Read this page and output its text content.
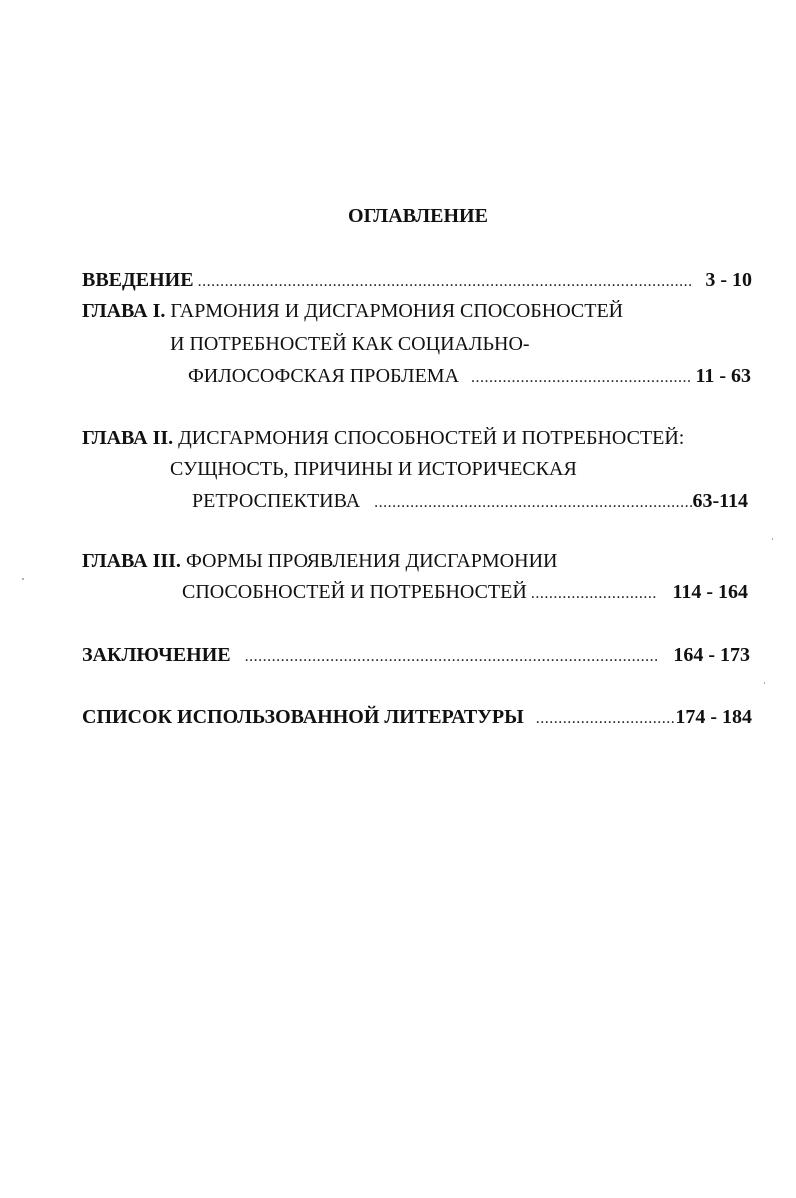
ОГЛАВЛЕНИЕ
ВВЕДЕНИЕ .....	3 - 10
ГЛАВА I.
ГАРМОНИЯ И ДИСГАРМОНИЯ СПОСОБНОСТЕЙ
И ПОТРЕБНОСТЕЙ КАК СОЦИАЛЬНО-
ФИЛОСОФСКАЯ ПРОБЛЕМА .....	11 - 63
ГЛАВА II.
ДИСГАРМОНИЯ СПОСОБНОСТЕЙ И ПОТРЕБНОСТЕЙ:
СУЩНОСТЬ, ПРИЧИНЫ И ИСТОРИЧЕСКАЯ
РЕТРОСПЕКТИВА .....	63-114
ГЛАВА III.
ФОРМЫ ПРОЯВЛЕНИЯ ДИСГАРМОНИИ
СПОСОБНОСТЕЙ И ПОТРЕБНОСТЕЙ .....	114 - 164
ЗАКЛЮЧЕНИЕ .....	164 - 173
СПИСОК ИСПОЛЬЗОВАННОЙ ЛИТЕРАТУРЫ .....	174 - 184
